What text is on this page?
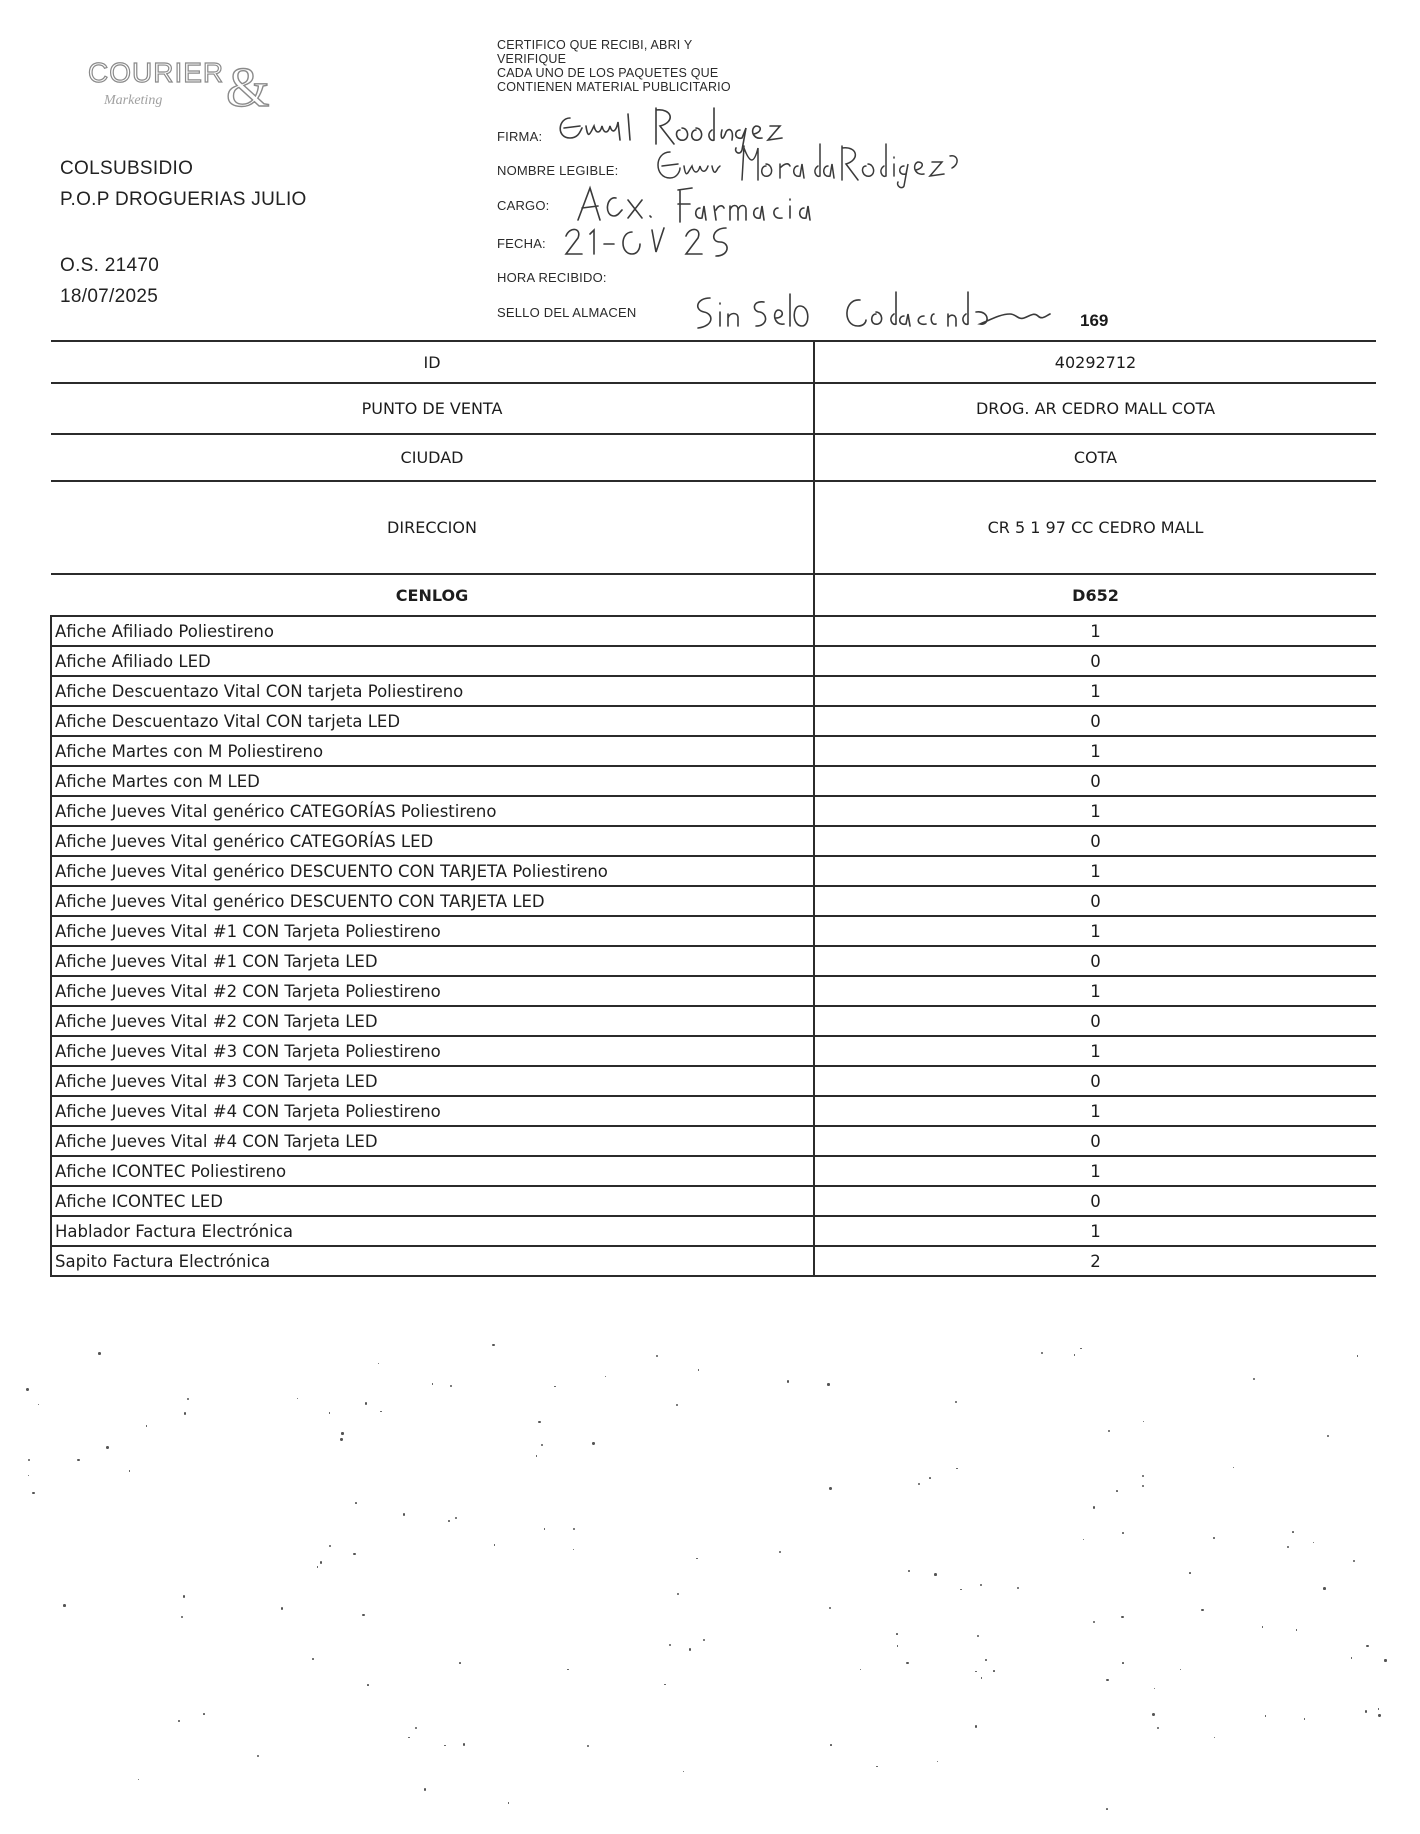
COURIER
Marketing &
COLSUBSIDIO
P.O.P DROGUERIAS JULIO
O.S. 21470
18/07/2025
CERTIFICO QUE RECIBI, ABRI Y
VERIFIQUE
CADA UNO DE LOS PAQUETES QUE
CONTIENEN MATERIAL PUBLICITARIO
FIRMA:
NOMBRE LEGIBLE:
CARGO:
FECHA:
HORA RECIBIDO:
SELLO DEL ALMACEN	169
ID	40292712
PUNTO DE VENTA	DROG. AR CEDRO MALL COTA
CIUDAD	COTA
DIRECCION	CR 5 1 97 CC CEDRO MALL
CENLOG	D652
Afiche Afiliado Poliestireno	1
Afiche Afiliado LED	0
Afiche Descuentazo Vital CON tarjeta Poliestireno	1
Afiche Descuentazo Vital CON tarjeta LED	0
Afiche Martes con M Poliestireno	1
Afiche Martes con M LED	0
Afiche Jueves Vital genérico CATEGORÍAS Poliestireno	1
Afiche Jueves Vital genérico CATEGORÍAS LED	0
Afiche Jueves Vital genérico DESCUENTO CON TARJETA Poliestireno	1
Afiche Jueves Vital genérico DESCUENTO CON TARJETA LED	0
Afiche Jueves Vital #1 CON Tarjeta Poliestireno	1
Afiche Jueves Vital #1 CON Tarjeta LED	0
Afiche Jueves Vital #2 CON Tarjeta Poliestireno	1
Afiche Jueves Vital #2 CON Tarjeta LED	0
Afiche Jueves Vital #3 CON Tarjeta Poliestireno	1
Afiche Jueves Vital #3 CON Tarjeta LED	0
Afiche Jueves Vital #4 CON Tarjeta Poliestireno	1
Afiche Jueves Vital #4 CON Tarjeta LED	0
Afiche ICONTEC Poliestireno	1
Afiche ICONTEC LED	0
Hablador Factura Electrónica	1
Sapito Factura Electrónica	2
